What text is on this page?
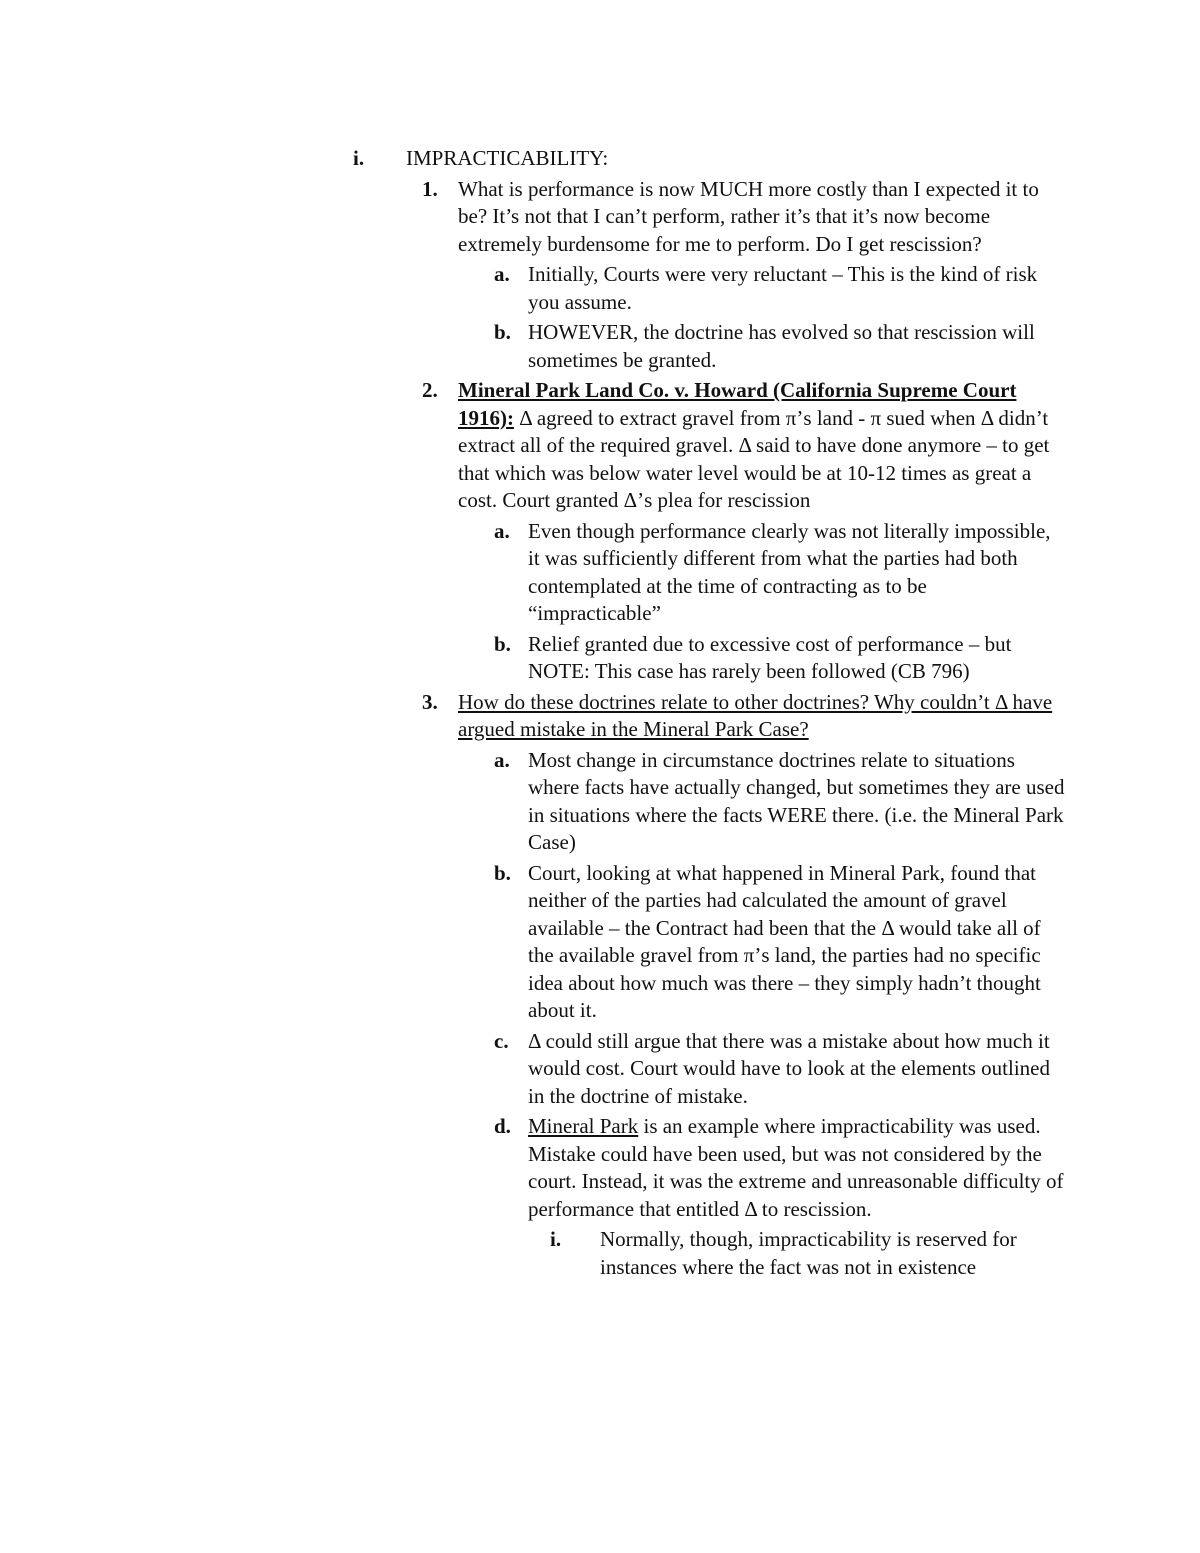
i. IMPRACTICABILITY:
1. What is performance is now MUCH more costly than I expected it to be? It’s not that I can’t perform, rather it’s that it’s now become extremely burdensome for me to perform. Do I get rescission?
a. Initially, Courts were very reluctant – This is the kind of risk you assume.
b. HOWEVER, the doctrine has evolved so that rescission will sometimes be granted.
2. Mineral Park Land Co. v. Howard (California Supreme Court 1916): Δ agreed to extract gravel from π’s land - π sued when Δ didn’t extract all of the required gravel. Δ said to have done anymore – to get that which was below water level would be at 10-12 times as great a cost. Court granted Δ’s plea for rescission
a. Even though performance clearly was not literally impossible, it was sufficiently different from what the parties had both contemplated at the time of contracting as to be “impracticable”
b. Relief granted due to excessive cost of performance – but NOTE: This case has rarely been followed (CB 796)
3. How do these doctrines relate to other doctrines? Why couldn’t Δ have argued mistake in the Mineral Park Case?
a. Most change in circumstance doctrines relate to situations where facts have actually changed, but sometimes they are used in situations where the facts WERE there. (i.e. the Mineral Park Case)
b. Court, looking at what happened in Mineral Park, found that neither of the parties had calculated the amount of gravel available – the Contract had been that the Δ would take all of the available gravel from π’s land, the parties had no specific idea about how much was there – they simply hadn’t thought about it.
c. Δ could still argue that there was a mistake about how much it would cost. Court would have to look at the elements outlined in the doctrine of mistake.
d. Mineral Park is an example where impracticability was used. Mistake could have been used, but was not considered by the court. Instead, it was the extreme and unreasonable difficulty of performance that entitled Δ to rescission.
i. Normally, though, impracticability is reserved for instances where the fact was not in existence
